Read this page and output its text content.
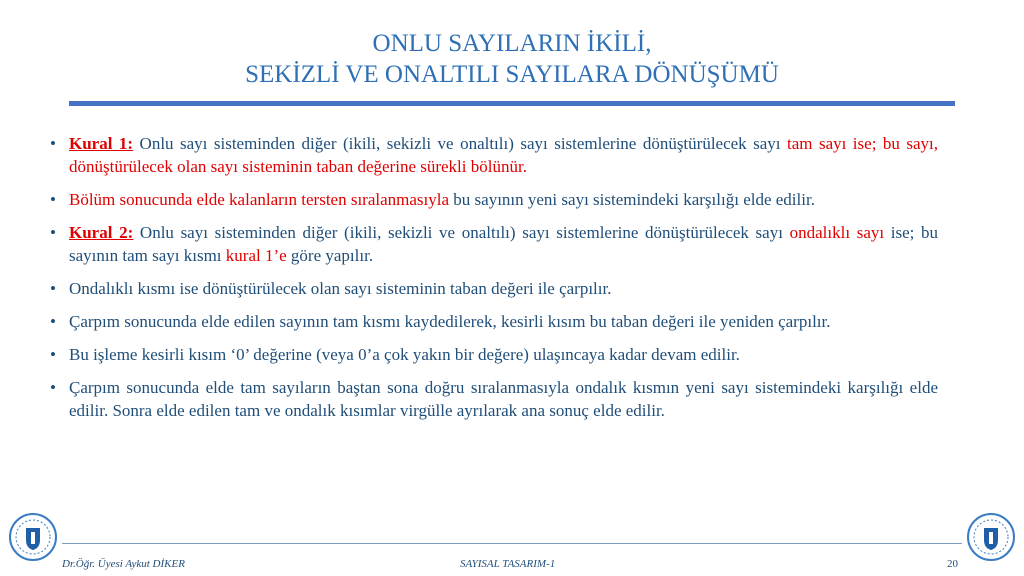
ONLU SAYILARIN İKİLİ,
SEKİZLİ VE ONALTILI SAYILARA DÖNÜŞÜMÜ
• Kural 1: Onlu sayı sisteminden diğer (ikili, sekizli ve onaltılı) sayı sistemlerine dönüştürülecek sayı tam sayı ise; bu sayı, dönüştürülecek olan sayı sisteminin taban değerine sürekli bölünür.
• Bölüm sonucunda elde kalanların tersten sıralanmasıyla bu sayının yeni sayı sistemindeki karşılığı elde edilir.
• Kural 2: Onlu sayı sisteminden diğer (ikili, sekizli ve onaltılı) sayı sistemlerine dönüştürülecek sayı ondalıklı sayı ise; bu sayının tam sayı kısmı kural 1’e göre yapılır.
• Ondalıklı kısmı ise dönüştürülecek olan sayı sisteminin taban değeri ile çarpılır.
• Çarpım sonucunda elde edilen sayının tam kısmı kaydedilerek, kesirli kısım bu taban değeri ile yeniden çarpılır.
• Bu işleme kesirli kısım ‘0’ değerine (veya 0’a çok yakın bir değere) ulaşıncaya kadar devam edilir.
• Çarpım sonucunda elde tam sayıların baştan sona doğru sıralanmasıyla ondalık kısmın yeni sayı sistemindeki karşılığı elde edilir. Sonra elde edilen tam ve ondalık kısımlar virgülle ayrılarak ana sonuç elde edilir.
Dr.Öğr. Üyesi Aykut DİKER	SAYISAL TASARIM-1	20
